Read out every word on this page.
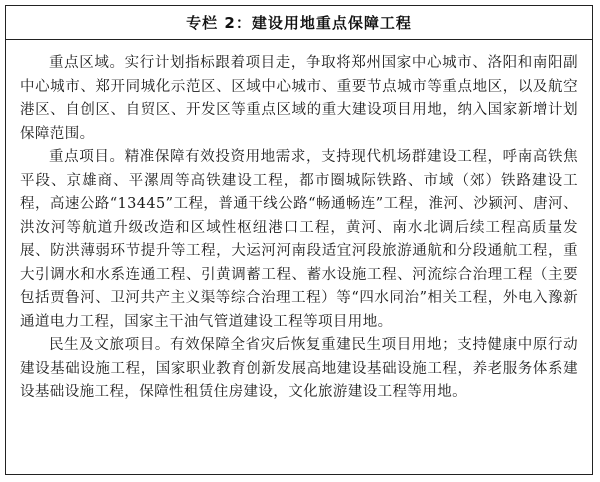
专栏 2：建设用地重点保障工程

重点区域。实行计划指标跟着项目走，争取将郑州国家中心城市、洛阳和南阳副中心城市、郑开同城化示范区、区域中心城市、重要节点城市等重点地区，以及航空港区、自创区、自贸区、开发区等重点区域的重大建设项目用地，纳入国家新增计划保障范围。

重点项目。精准保障有效投资用地需求，支持现代机场群建设工程，呼南高铁焦平段、京雄商、平漯周等高铁建设工程，都市圈城际铁路、市域（郊）铁路建设工程，高速公路“13445”工程，普通干线公路“畅通畅连”工程，淮河、沙颍河、唐河、洪汝河等航道升级改造和区域性枢纽港口工程，黄河、南水北调后续工程高质量发展、防洪薄弱环节提升等工程，大运河河南段适宜河段旅游通航和分段通航工程，重大引调水和水系连通工程、引黄调蓄工程、蓄水设施工程、河流综合治理工程（主要包括贾鲁河、卫河共产主义渠等综合治理工程）等“四水同治”相关工程，外电入豫新通道电力工程，国家主干油气管道建设工程等项目用地。

民生及文旅项目。有效保障全省灾后恢复重建民生项目用地；支持健康中原行动建设基础设施工程，国家职业教育创新发展高地建设基础设施工程，养老服务体系建设基础设施工程，保障性租赁住房建设，文化旅游建设工程等用地。
